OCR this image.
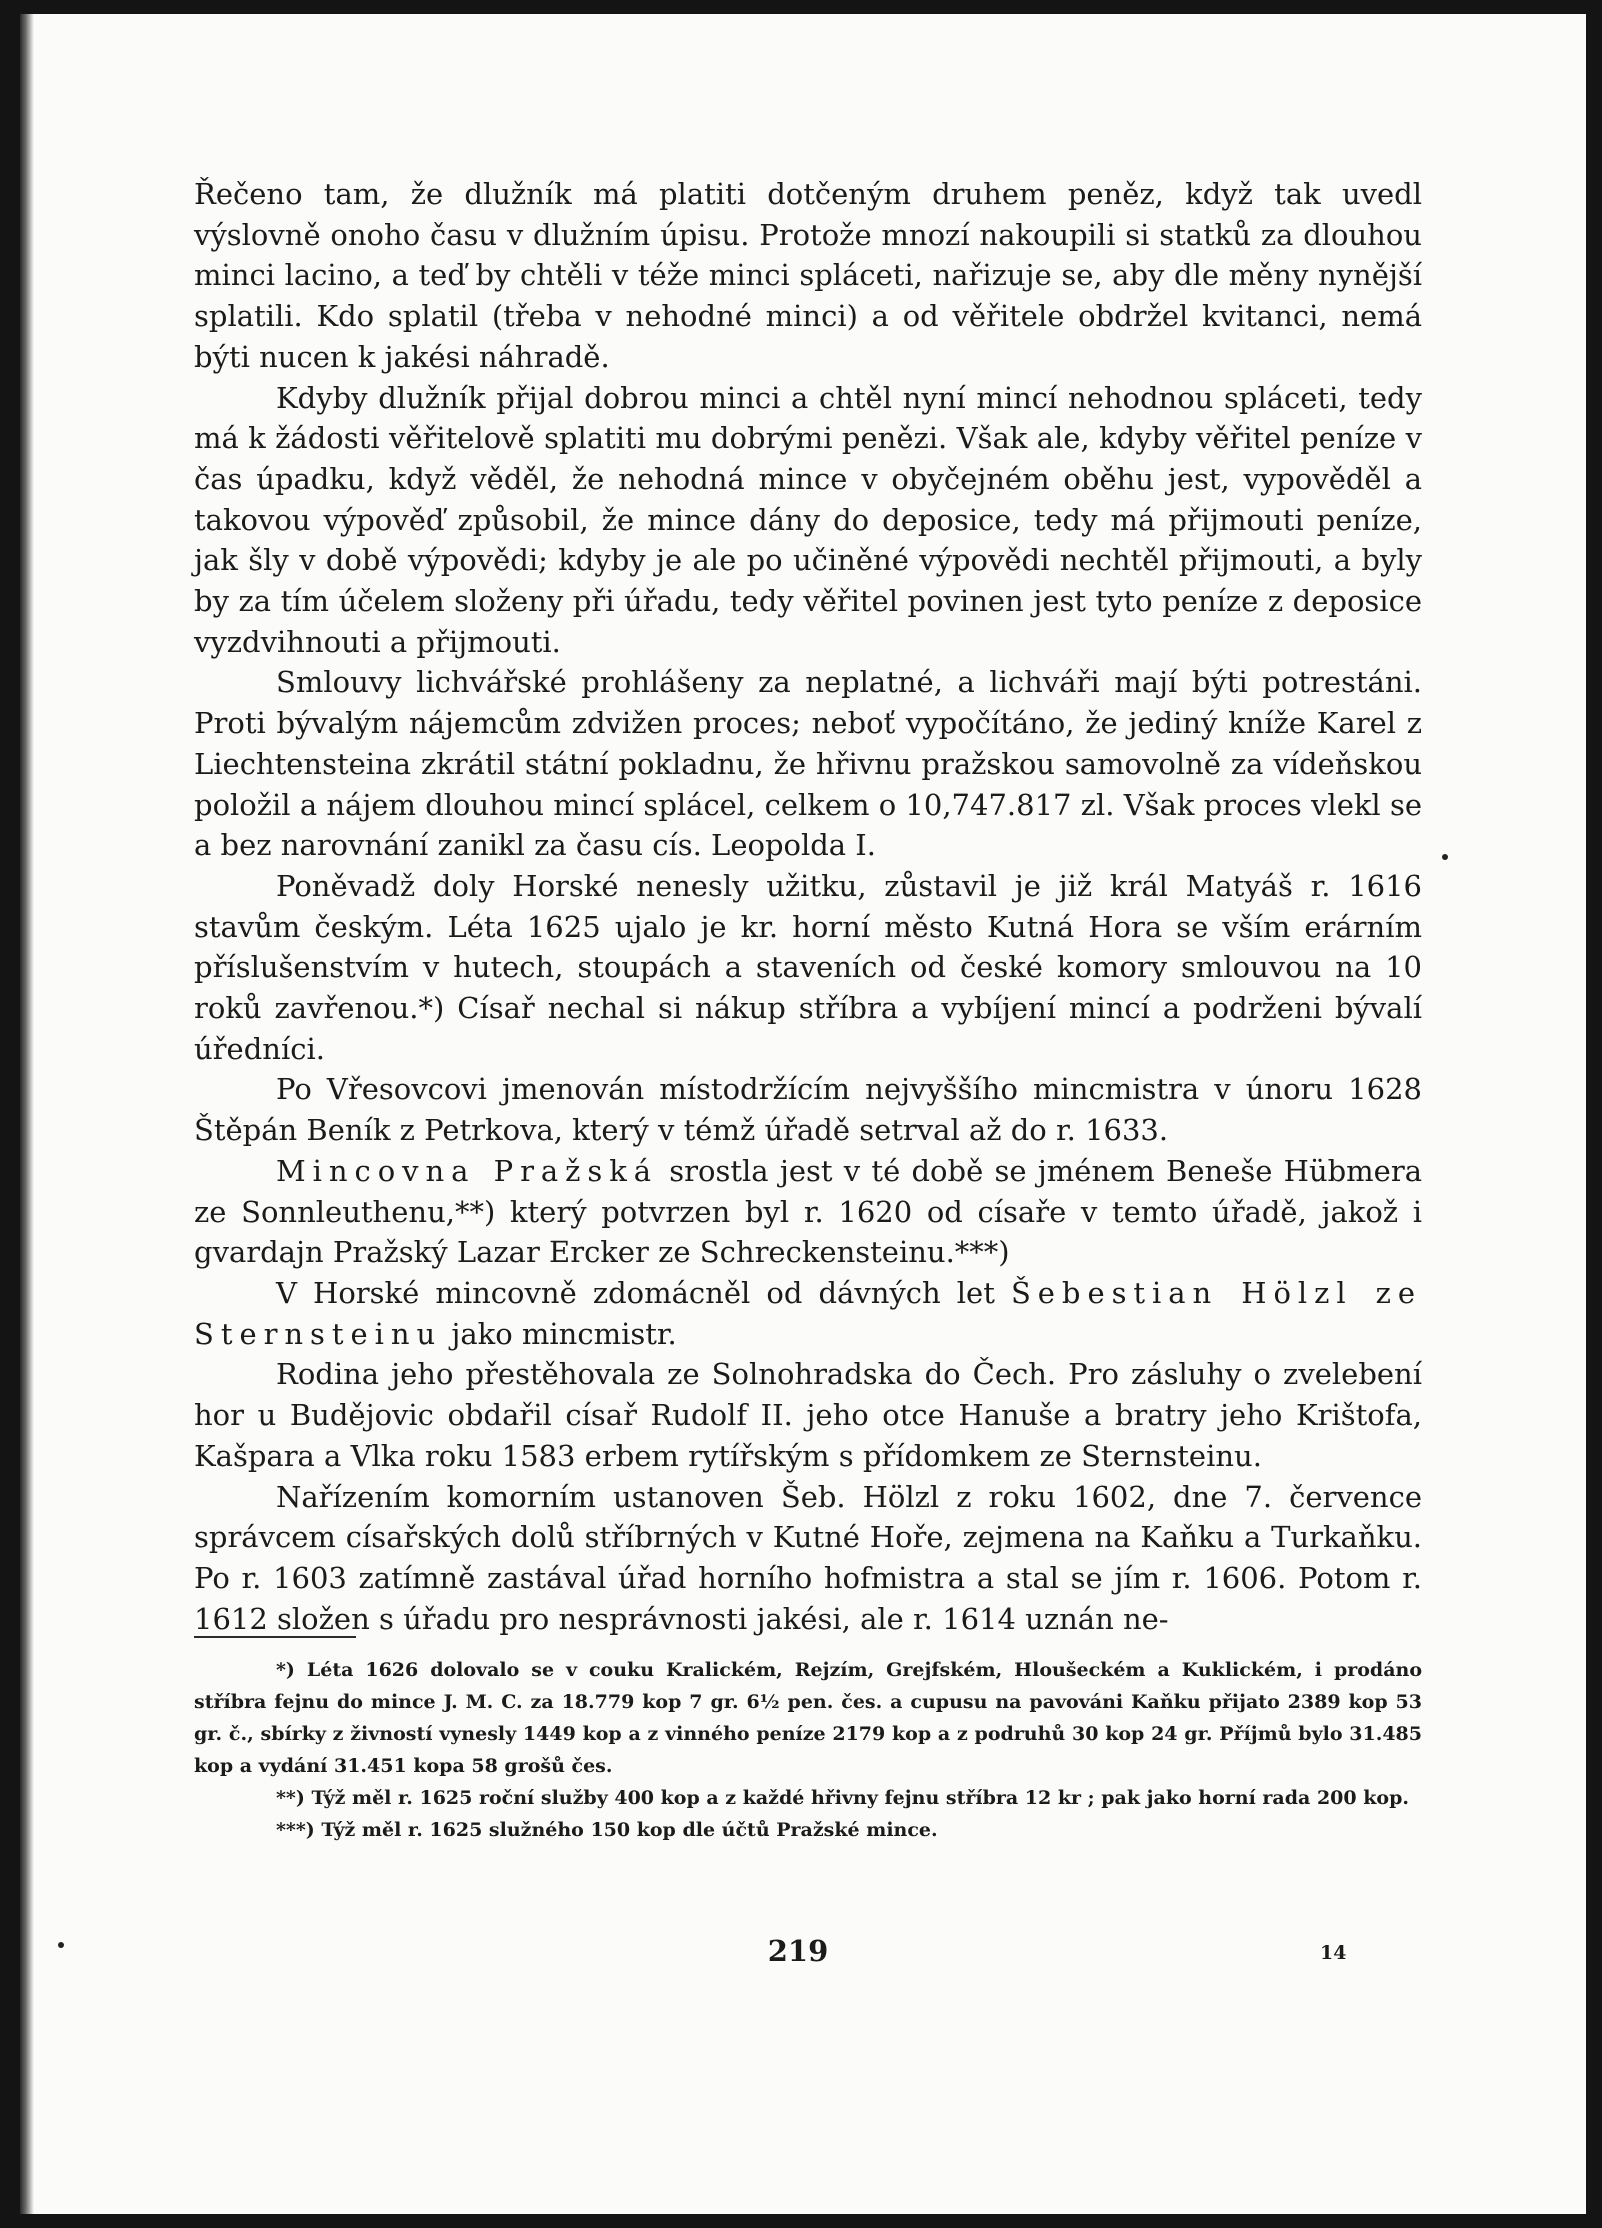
Řečeno tam, že dlužník má platiti dotčeným druhem peněz, když tak uvedl výslovně onoho času v dlužním úpisu. Protože mnozí nakoupili si statků za dlouhou minci lacino, a teď by chtěli v téže minci spláceti, nařizuje se, aby dle měny nynější splatili. Kdo splatil (třeba v nehodné minci) a od věřitele obdržel kvitanci, nemá býti nucen k jakési náhradě.

Kdyby dlužník přijal dobrou minci a chtěl nyní mincí nehodnou spláceti, tedy má k žádosti věřitelově splatiti mu dobrými penězi. Však ale, kdyby věřitel peníze v čas úpadku, když věděl, že nehodná mince v obyčejném oběhu jest, vypověděl a takovou výpověď způsobil, že mince dány do deposice, tedy má přijmouti peníze, jak šly v době výpovědi; kdyby je ale po učiněné výpovědi nechtěl přijmouti, a byly by za tím účelem složeny při úřadu, tedy věřitel povinen jest tyto peníze z deposice vyzdvihnouti a přijmouti.

Smlouvy lichvářské prohlášeny za neplatné, a lichváři mají býti potrestáni. Proti bývalým nájemcům zdvižen proces; neboť vypočítáno, že jediný kníže Karel z Liechtensteina zkrátil státní pokladnu, že hřivnu pražskou samovolně za vídeňskou položil a nájem dlouhou mincí splácel, celkem o 10,747.817 zl. Však proces vlekl se a bez narovnání zanikl za času cís. Leopolda I.

Poněvadž doly Horské nenesly užitku, zůstavil je již král Matyáš r. 1616 stavům českým. Léta 1625 ujalo je kr. horní město Kutná Hora se vším erárním příslušenstvím v hutech, stoupách a staveních od české komory smlouvou na 10 roků zavřenou.*) Císař nechal si nákup stříbra a vybíjení mincí a podrženi bývalí úředníci.

Po Vřesovcovi jmenován místodržícím nejvyššího mincmistra v únoru 1628 Štěpán Beník z Petrkova, který v témž úřadě setrval až do r. 1633.

Mincovna Pražská srostla jest v té době se jménem Beneše Hübmera ze Sonnleuthenu,**) který potvrzen byl r. 1620 od císaře v temto úřadě, jakož i gvardajn Pražský Lazar Ercker ze Schreckensteinu.***)

V Horské mincovně zdomácněl od dávných let Šebestian Hölzl ze Sternsteinu jako mincmistr.

Rodina jeho přestěhovala ze Solnohradska do Čech. Pro zásluhy o zvelebení hor u Budějovic obdařil císař Rudolf II. jeho otce Hanuše a bratry jeho Krištofa, Kašpara a Vlka roku 1583 erbem rytířským s přídomkem ze Sternsteinu.

Nařízením komorním ustanoven Šeb. Hölzl z roku 1602, dne 7. července správcem císařských dolů stříbrných v Kutné Hoře, zejmena na Kaňku a Turkaňku. Po r. 1603 zatímně zastával úřad horního hofmistra a stal se jím r. 1606. Potom r. 1612 složen s úřadu pro nesprávnosti jakési, ale r. 1614 uznán ne-

*) Léta 1626 dolovalo se v couku Kralickém, Rejzím, Grejfském, Hloušeckém a Kuklickém, i prodáno stříbra fejnu do mince J. M. C. za 18.779 kop 7 gr. 6½ pen. čes. a cupusu na pavováni Kaňku přijato 2389 kop 53 gr. č., sbírky z živností vynesly 1449 kop a z vinného peníze 2179 kop a z podruhů 30 kop 24 gr. Příjmů bylo 31.485 kop a vydání 31.451 kopa 58 grošů čes.

**) Týž měl r. 1625 roční služby 400 kop a z každé hřivny fejnu stříbra 12 kr ; pak jako horní rada 200 kop.

***) Týž měl r. 1625 služného 150 kop dle účtů Pražské mince.

219	14
